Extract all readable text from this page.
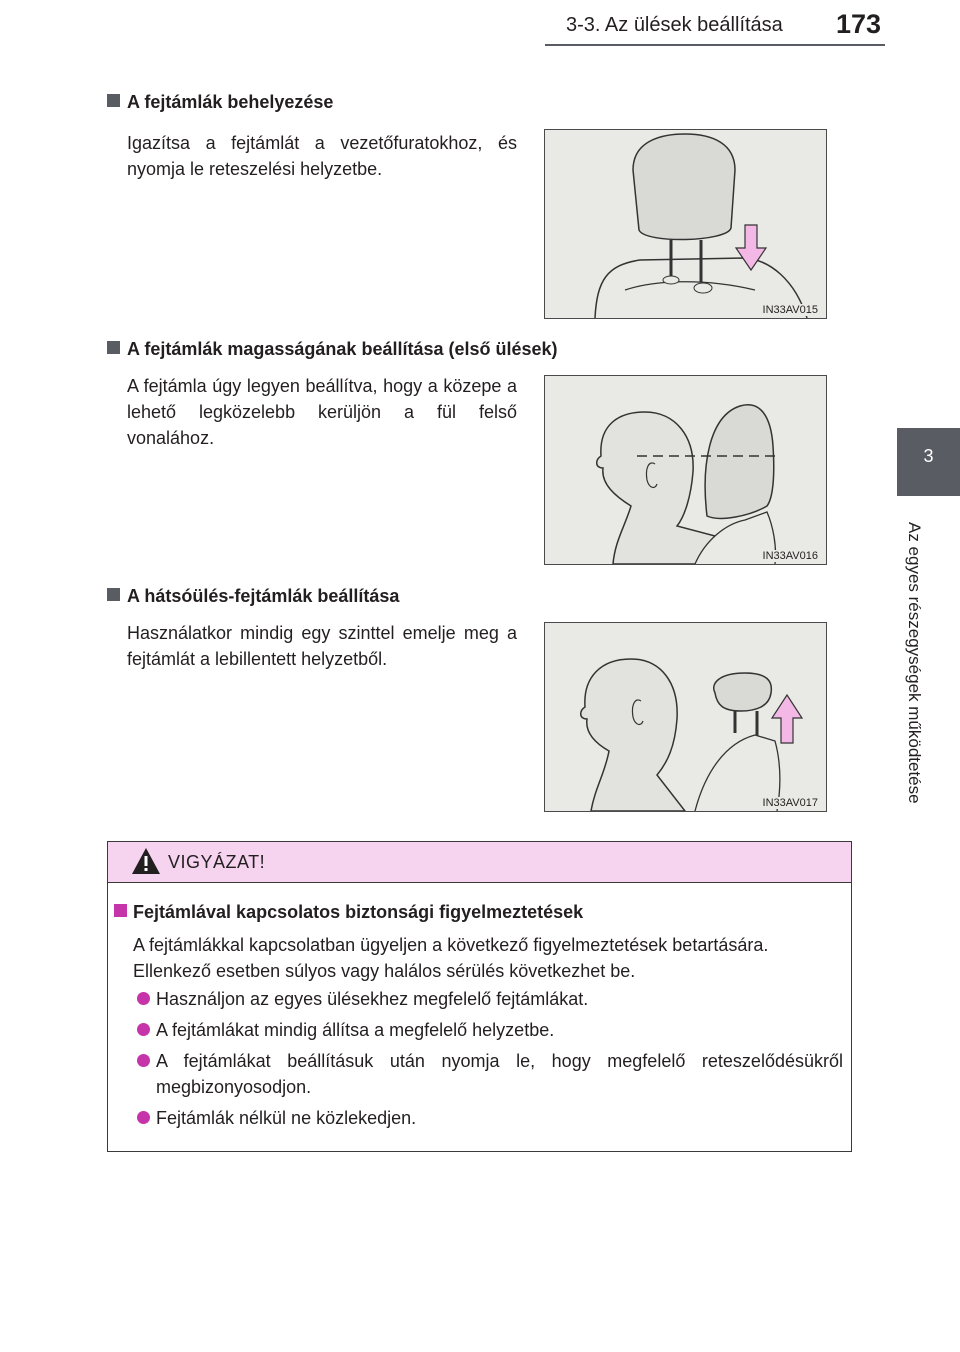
3-3. Az ülések beállítása 173
3
Az egyes részegységek működtetése
A fejtámlák behelyezése
Igazítsa a fejtámlát a vezetőfuratokhoz, és nyomja le reteszelési helyzetbe.
IN33AV015
A fejtámlák magasságának beállítása (első ülések)
A fejtámla úgy legyen beállítva, hogy a közepe a lehető legközelebb kerüljön a fül felső vonalához.
IN33AV016
A hátsóülés-fejtámlák beállítása
Használatkor mindig egy szinttel emelje meg a fejtámlát a lebillentett helyzetből.
IN33AV017
VIGYÁZAT!
Fejtámlával kapcsolatos biztonsági figyelmeztetések
A fejtámlákkal kapcsolatban ügyeljen a következő figyelmeztetések betartására. Ellenkező esetben súlyos vagy halálos sérülés következhet be.
Használjon az egyes ülésekhez megfelelő fejtámlákat.
A fejtámlákat mindig állítsa a megfelelő helyzetbe.
A fejtámlákat beállításuk után nyomja le, hogy megfelelő reteszelődésükről megbizonyosodjon.
Fejtámlák nélkül ne közlekedjen.
